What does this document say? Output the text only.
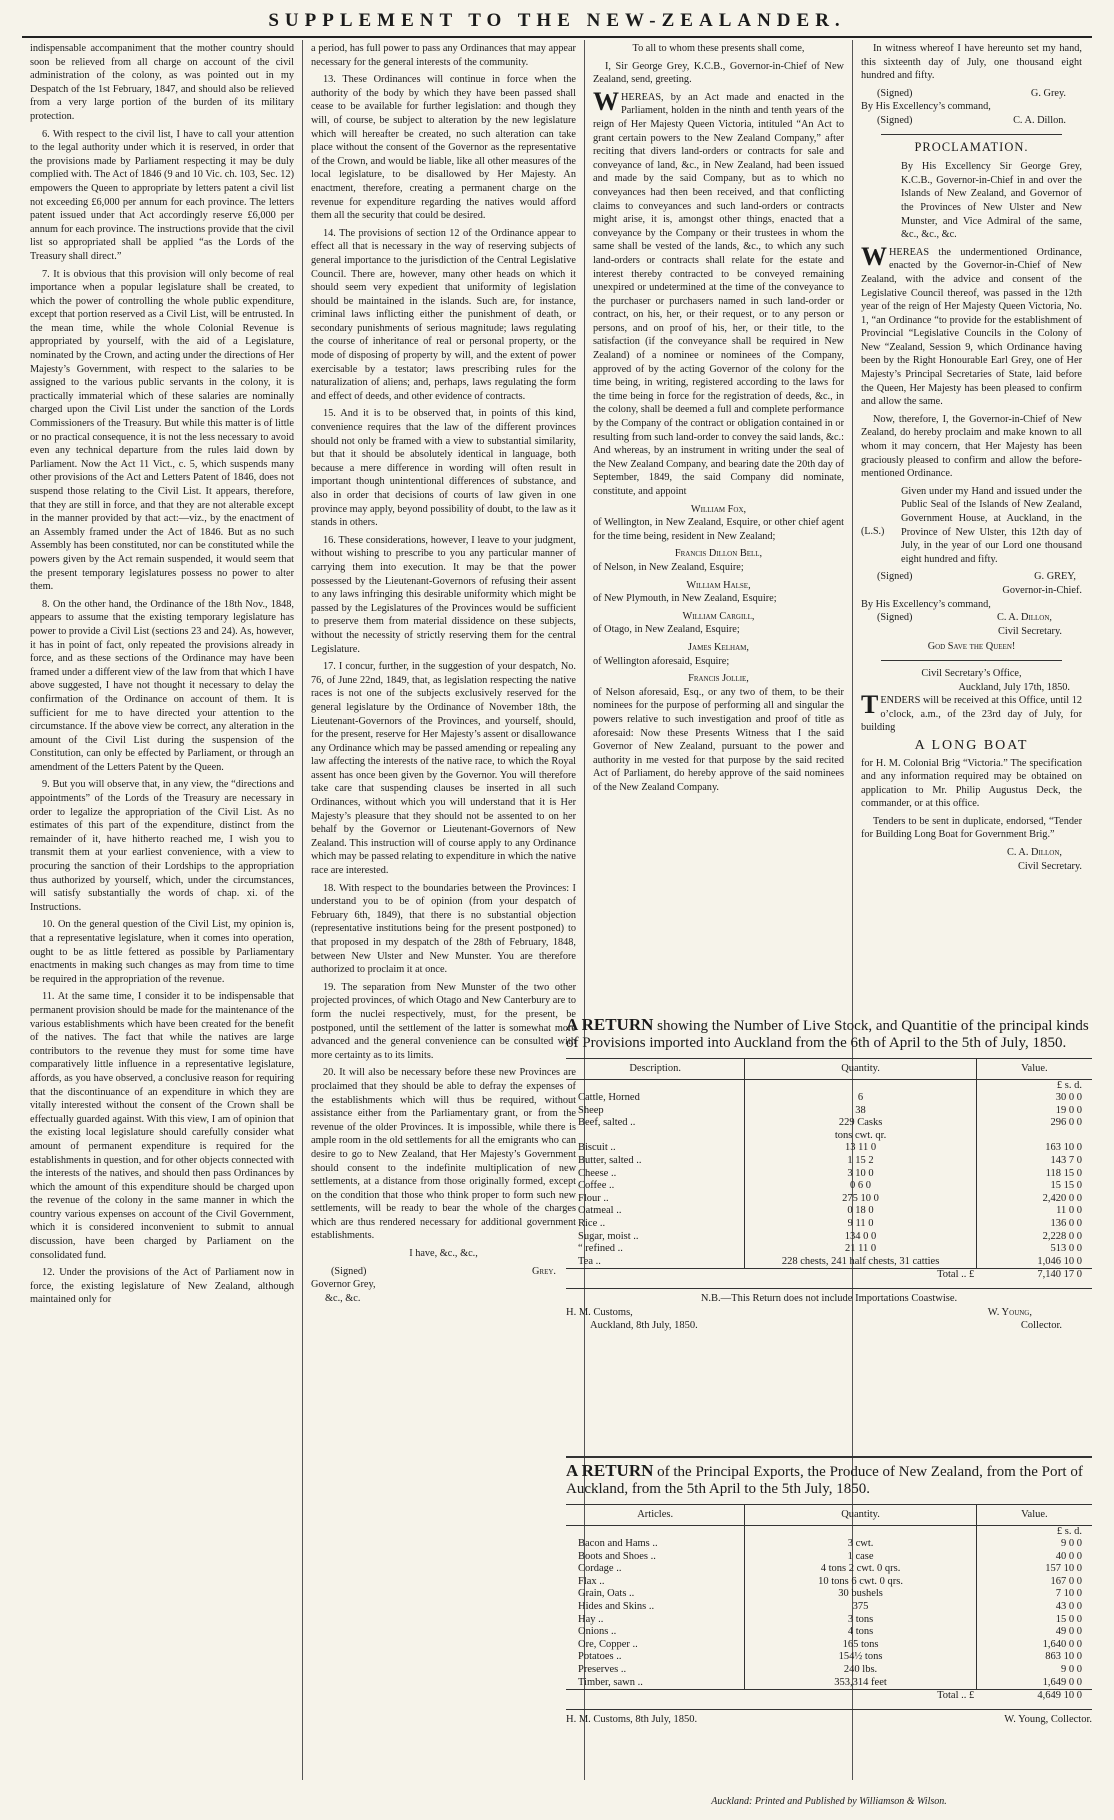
SUPPLEMENT TO THE NEW-ZEALANDER.

indispensable accompaniment that the mother country should soon be relieved from all charge on account of the civil administration of the colony, as was pointed out in my Despatch of the 1st February, 1847, and should also be relieved from a very large portion of the burden of its military protection.

6. With respect to the civil list, I have to call your attention to the legal authority under which it is reserved, in order that the provisions made by Parliament respecting it may be duly complied with. The Act of 1846 (9 and 10 Vic. ch. 103, Sec. 12) empowers the Queen to appropriate by letters patent a civil list not exceeding £6,000 per annum for each province. The letters patent issued under that Act accordingly reserve £6,000 per annum for each province. The instructions provide that the civil list so appropriated shall be applied “as the Lords of the Treasury shall direct.”

7. It is obvious that this provision will only become of real importance when a popular legislature shall be created, to which the power of controlling the whole public expenditure, except that portion reserved as a Civil List, will be entrusted. In the mean time, while the whole Colonial Revenue is appropriated by yourself, with the aid of a Legislature, nominated by the Crown, and acting under the directions of Her Majesty’s Government, with respect to the salaries to be assigned to the various public servants in the colony, it is practically immaterial which of these salaries are nominally charged upon the Civil List under the sanction of the Lords Commissioners of the Treasury. But while this matter is of little or no practical consequence, it is not the less necessary to avoid even any technical departure from the rules laid down by Parliament. Now the Act 11 Vict., c. 5, which suspends many other provisions of the Act and Letters Patent of 1846, does not suspend those relating to the Civil List. It appears, therefore, that they are still in force, and that they are not alterable except in the manner provided by that act:—viz., by the enactment of an Assembly framed under the Act of 1846. But as no such Assembly has been constituted, nor can be constituted while the powers given by the Act remain suspended, it would seem that the present temporary legislatures possess no power to alter them.

8. On the other hand, the Ordinance of the 18th Nov., 1848, appears to assume that the existing temporary legislature has power to provide a Civil List (sections 23 and 24). As, however, it has in point of fact, only repeated the provisions already in force, and as these sections of the Ordinance may have been framed under a different view of the law from that which I have above suggested, I have not thought it necessary to delay the confirmation of the Ordinance on account of them. It is sufficient for me to have directed your attention to the circumstance. If the above view be correct, any alteration in the amount of the Civil List during the suspension of the Constitution, can only be effected by Parliament, or through an amendment of the Letters Patent by the Queen.

9. But you will observe that, in any view, the “directions and appointments” of the Lords of the Treasury are necessary in order to legalize the appropriation of the Civil List. As no estimates of this part of the expenditure, distinct from the remainder of it, have hitherto reached me, I wish you to transmit them at your earliest convenience, with a view to procuring the sanction of their Lordships to the appropriation thus authorized by yourself, which, under the circumstances, will satisfy substantially the words of chap. xi. of the Instructions.

10. On the general question of the Civil List, my opinion is, that a representative legislature, when it comes into operation, ought to be as little fettered as possible by Parliamentary enactments in making such changes as may from time to time be required in the appropriation of the revenue.

11. At the same time, I consider it to be indispensable that permanent provision should be made for the maintenance of the various establishments which have been created for the benefit of the natives. The fact that while the natives are large contributors to the revenue they must for some time have comparatively little influence in a representative legislature, affords, as you have observed, a conclusive reason for requiring that the discontinuance of an expenditure in which they are vitally interested without the consent of the Crown shall be effectually guarded against. With this view, I am of opinion that the existing local legislature should carefully consider what amount of permanent expenditure is required for the establishments in question, and for other objects connected with the interests of the natives, and should then pass Ordinances by which the amount of this expenditure should be charged upon the revenue of the colony in the same manner in which the country various expenses on account of the Civil Government, which it is considered inconvenient to submit to annual discussion, have been charged by Parliament on the consolidated fund.

12. Under the provisions of the Act of Parliament now in force, the existing legislature of New Zealand, although maintained only for

a period, has full power to pass any Ordinances that may appear necessary for the general interests of the community.

13. These Ordinances will continue in force when the authority of the body by which they have been passed shall cease to be available for further legislation: and though they will, of course, be subject to alteration by the new legislature which will hereafter be created, no such alteration can take place without the consent of the Governor as the representative of the Crown, and would be liable, like all other measures of the local legislature, to be disallowed by Her Majesty. An enactment, therefore, creating a permanent charge on the revenue for expenditure regarding the natives would afford them all the security that could be desired.

14. The provisions of section 12 of the Ordinance appear to effect all that is necessary in the way of reserving subjects of general importance to the jurisdiction of the Central Legislative Council. There are, however, many other heads on which it should seem very expedient that uniformity of legislation should be maintained in the islands. Such are, for instance, criminal laws inflicting either the punishment of death, or secondary punishments of serious magnitude; laws regulating the course of inheritance of real or personal property, or the mode of disposing of property by will, and the extent of power exercisable by a testator; laws prescribing rules for the naturalization of aliens; and, perhaps, laws regulating the form and effect of deeds, and other evidence of contracts.

15. And it is to be observed that, in points of this kind, convenience requires that the law of the different provinces should not only be framed with a view to substantial similarity, but that it should be absolutely identical in language, both because a mere difference in wording will often result in important though unintentional differences of substance, and also in order that decisions of courts of law given in one province may apply, beyond possibility of doubt, to the law as it stands in others.

16. These considerations, however, I leave to your judgment, without wishing to prescribe to you any particular manner of carrying them into execution. It may be that the power possessed by the Lieutenant-Governors of refusing their assent to any laws infringing this desirable uniformity which might be passed by the Legislatures of the Provinces would be sufficient to preserve them from material dissidence on these subjects, without the necessity of strictly reserving them for the central Legislature.

17. I concur, further, in the suggestion of your despatch, No. 76, of June 22nd, 1849, that, as legislation respecting the native races is not one of the subjects exclusively reserved for the general legislature by the Ordinance of November 18th, the Lieutenant-Governors of the Provinces, and yourself, should, for the present, reserve for Her Majesty’s assent or disallowance any Ordinance which may be passed amending or repealing any law affecting the interests of the native race, to which the Royal assent has once been given by the Governor. You will therefore take care that suspending clauses be inserted in all such Ordinances, without which you will understand that it is Her Majesty’s pleasure that they should not be assented to on her behalf by the Governor or Lieutenant-Governors of New Zealand. This instruction will of course apply to any Ordinance which may be passed relating to expenditure in which the native race are interested.

18. With respect to the boundaries between the Provinces: I understand you to be of opinion (from your despatch of February 6th, 1849), that there is no substantial objection (representative institutions being for the present postponed) to that proposed in my despatch of the 28th of February, 1848, between New Ulster and New Munster. You are therefore authorized to proclaim it at once.

19. The separation from New Munster of the two other projected provinces, of which Otago and New Canterbury are to form the nuclei respectively, must, for the present, be postponed, until the settlement of the latter is somewhat more advanced and the general convenience can be consulted with more certainty as to its limits.

20. It will also be necessary before these new Provinces are proclaimed that they should be able to defray the expenses of the establishments which will thus be required, without assistance either from the Parliamentary grant, or from the revenue of the older Provinces. It is impossible, while there is ample room in the old settlements for all the emigrants who can desire to go to New Zealand, that Her Majesty’s Government should consent to the indefinite multiplication of new settlements, at a distance from those originally formed, except on the condition that those who think proper to form such new settlements, will be ready to bear the whole of the charges which are thus rendered necessary for additional government establishments.

I have, &c., &c.,

(Signed)	Grey.
Governor Grey,
&c., &c.

To all to whom these presents shall come,

I, Sir George Grey, K.C.B., Governor-in-Chief of New Zealand, send, greeting.

WHEREAS, by an Act made and enacted in the Parliament, holden in the ninth and tenth years of the reign of Her Majesty Queen Victoria, intituled “An Act to grant certain powers to the New Zealand Company,” after reciting that divers land-orders or contracts for sale and conveyance of land, &c., in New Zealand, had been issued and made by the said Company, but as to which no conveyances had then been received, and that conflicting claims to conveyances and such land-orders or contracts might arise, it is, amongst other things, enacted that a conveyance by the Company or their trustees in whom the same shall be vested of the lands, &c., to which any such land-orders or contracts shall relate for the estate and interest thereby contracted to be conveyed remaining unexpired or undetermined at the time of the conveyance to the purchaser or purchasers named in such land-order or contract, on his, her, or their request, or to any person or persons, and on proof of his, her, or their title, to the satisfaction (if the conveyance shall be required in New Zealand) of a nominee or nominees of the Company, approved of by the acting Governor of the colony for the time being, in writing, registered according to the laws for the time being in force for the registration of deeds, &c., in the colony, shall be deemed a full and complete performance by the Company of the contract or obligation contained in or resulting from such land-order to convey the said lands, &c.: And whereas, by an instrument in writing under the seal of the New Zealand Company, and bearing date the 20th day of September, 1849, the said Company did nominate, constitute, and appoint

William Fox,

of Wellington, in New Zealand, Esquire, or other chief agent for the time being, resident in New Zealand;

Francis Dillon Bell,

of Nelson, in New Zealand, Esquire;

William Halse,

of New Plymouth, in New Zealand, Esquire;

William Cargill,

of Otago, in New Zealand, Esquire;

James Kelham,

of Wellington aforesaid, Esquire;

Francis Jollie,

of Nelson aforesaid, Esq., or any two of them, to be their nominees for the purpose of performing all and singular the powers relative to such investigation and proof of title as aforesaid: Now these Presents Witness that I the said Governor of New Zealand, pursuant to the power and authority in me vested for that purpose by the said recited Act of Parliament, do hereby approve of the said nominees of the New Zealand Company.

In witness whereof I have hereunto set my hand, this sixteenth day of July, one thousand eight hundred and fifty.

(Signed)	G. Grey.
By His Excellency’s command,
(Signed)	C. A. Dillon.
PROCLAMATION.

By His Excellency Sir George Grey, K.C.B., Governor-in-Chief in and over the Islands of New Zealand, and Governor of the Provinces of New Ulster and New Munster, and Vice Admiral of the same, &c., &c., &c.

WHEREAS the undermentioned Ordinance, enacted by the Governor-in-Chief of New Zealand, with the advice and consent of the Legislative Council thereof, was passed in the 12th year of the reign of Her Majesty Queen Victoria, No. 1, “an Ordinance “to provide for the establishment of Provincial “Legislative Councils in the Colony of New “Zealand, Session 9, which Ordinance having been by the Right Honourable Earl Grey, one of Her Majesty’s Principal Secretaries of State, laid before the Queen, Her Majesty has been pleased to confirm and allow the same.

Now, therefore, I, the Governor-in-Chief of New Zealand, do hereby proclaim and make known to all whom it may concern, that Her Majesty has been graciously pleased to confirm and allow the before-mentioned Ordinance.

(L.S.)

Given under my Hand and issued under the Public Seal of the Islands of New Zealand, Government House, at Auckland, in the Province of New Ulster, this 12th day of July, in the year of our Lord one thousand eight hundred and fifty.

(Signed)	G. GREY,
Governor-in-Chief.
By His Excellency’s command,
(Signed)	C. A. Dillon,
Civil Secretary.
God Save the Queen!
Civil Secretary’s Office,
Auckland, July 17th, 1850.

TENDERS will be received at this Office, until 12 o’clock, a.m., of the 23rd day of July, for building

A LONG BOAT

for H. M. Colonial Brig “Victoria.” The specification and any information required may be obtained on application to Mr. Philip Augustus Deck, the commander, or at this office.

Tenders to be sent in duplicate, endorsed, “Tender for Building Long Boat for Government Brig.”

C. A. Dillon,
Civil Secretary.
A RETURN showing the Number of Live Stock, and Quantitie of the principal kinds of Provisions imported into Auckland from the 6th of April to the 5th of July, 1850.
Description.	Quantity.	Value.
		£ s. d.
Cattle, Horned	6	30 0 0
Sheep	38	19 0 0
Beef, salted ..	229 Casks	296 0 0
	tons cwt. qr.	
Biscuit ..	13 11 0	163 10 0
Butter, salted ..	1 15 2	143 7 0
Cheese ..	3 10 0	118 15 0
Coffee ..	0 6 0	15 15 0
Flour ..	275 10 0	2,420 0 0
Oatmeal ..	0 18 0	11 0 0
Rice ..	9 11 0	136 0 0
Sugar, moist ..	134 0 0	2,228 0 0
“ refined ..	21 11 0	513 0 0
Tea ..	228 chests, 241 half chests, 31 catties	1,046 10 0
	Total .. £	7,140 17 0
N.B.—This Return does not include Importations Coastwise.
H. M. Customs,	W. Young,
Auckland, 8th July, 1850.	Collector.
A RETURN of the Principal Exports, the Produce of New Zealand, from the Port of Auckland, from the 5th April to the 5th July, 1850.
Articles.	Quantity.	Value.
		£ s. d.
Bacon and Hams ..	3 cwt.	9 0 0
Boots and Shoes ..	1 case	40 0 0
Cordage ..	4 tons 2 cwt. 0 qrs.	157 10 0
Flax ..	10 tons 6 cwt. 0 qrs.	167 0 0
Grain, Oats ..	30 bushels	7 10 0
Hides and Skins ..	375	43 0 0
Hay ..	3 tons	15 0 0
Onions ..	4 tons	49 0 0
Ore, Copper ..	165 tons	1,640 0 0
Potatoes ..	154½ tons	863 10 0
Preserves ..	240 lbs.	9 0 0
Timber, sawn ..	353,314 feet	1,649 0 0
	Total .. £	4,649 10 0
H. M. Customs, 8th July, 1850.	W. Young, Collector.
Auckland: Printed and Published by Williamson & Wilson.
